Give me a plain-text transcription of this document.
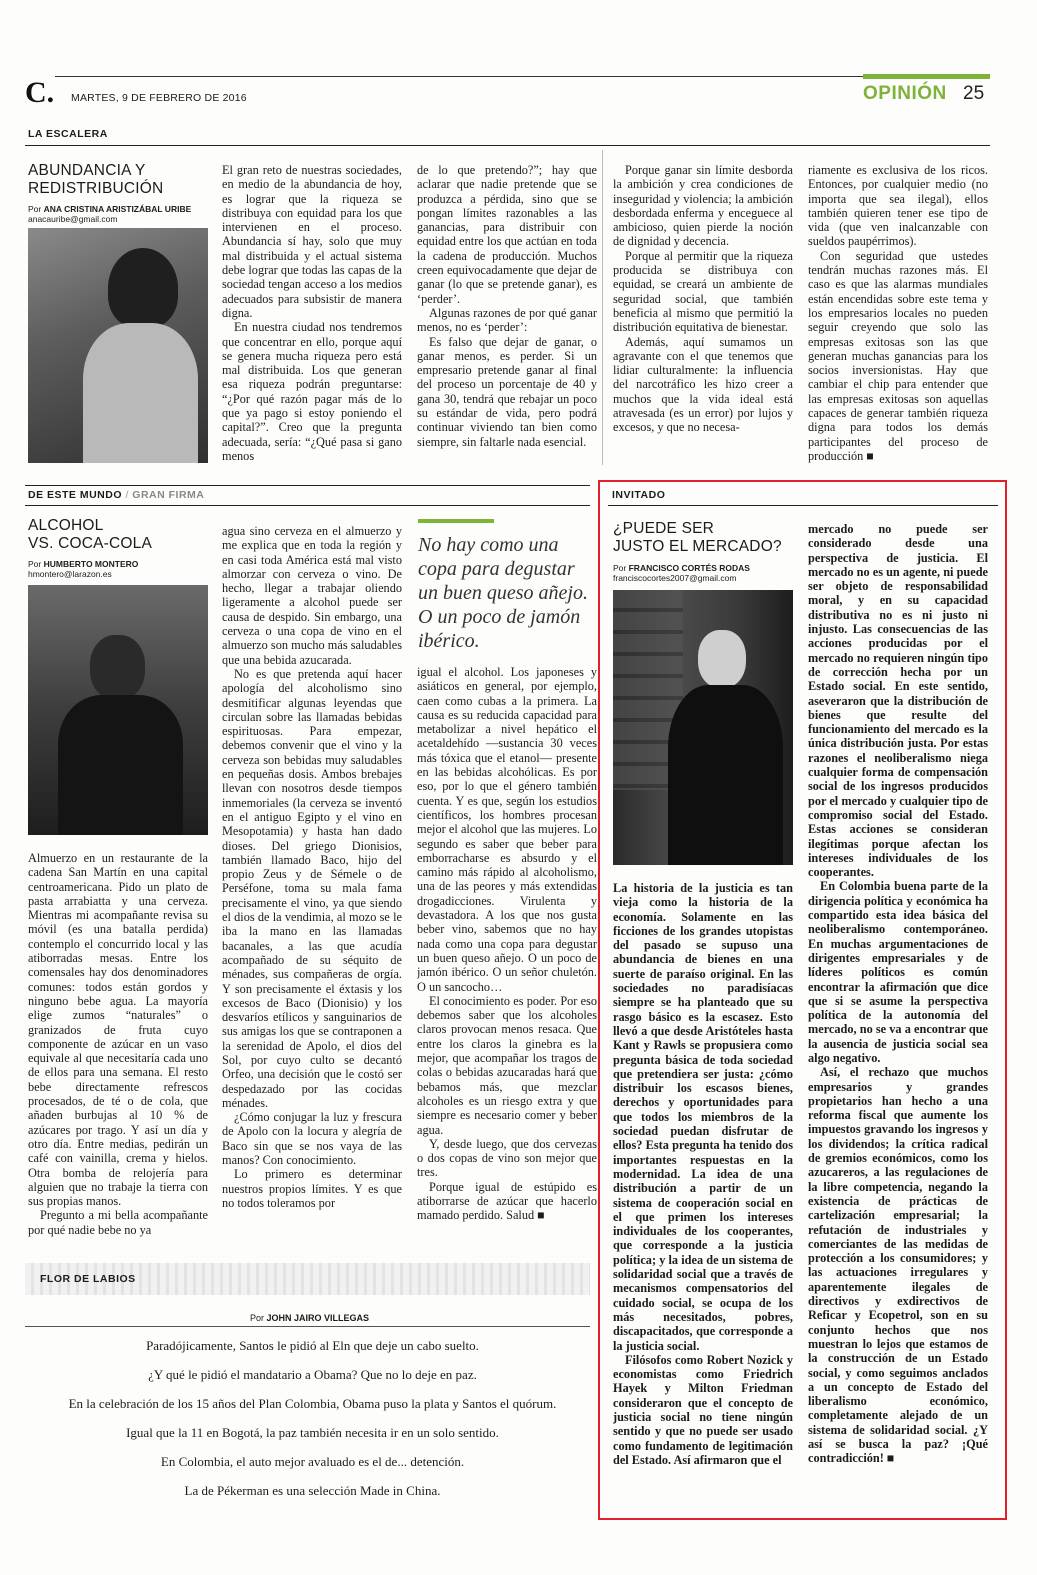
C. MARTES, 9 DE FEBRERO DE 2016	OPINIÓN 25
LA ESCALERA
ABUNDANCIA Y
REDISTRIBUCIÓN
Por ANA CRISTINA ARISTIZÁBAL URIBE
anacauribe@gmail.com

El gran reto de nuestras sociedades, en medio de la abundancia de hoy, es lograr que la riqueza se distribuya con equidad para los que intervienen en el proceso. Abundancia sí hay, solo que muy mal distribuida y el actual sistema debe lograr que todas las capas de la sociedad tengan acceso a los medios adecuados para subsistir de manera digna.

En nuestra ciudad nos tendremos que concentrar en ello, porque aquí se genera mucha riqueza pero está mal distribuida. Los que generan esa riqueza podrán preguntarse: “¿Por qué razón pagar más de lo que ya pago si estoy poniendo el capital?”. Creo que la pregunta adecuada, sería: “¿Qué pasa si gano menos

de lo que pretendo?”; hay que aclarar que nadie pretende que se produzca a pérdida, sino que se pongan límites razonables a las ganancias, para distribuir con equidad entre los que actúan en toda la cadena de producción. Muchos creen equivocadamente que dejar de ganar (lo que se pretende ganar), es ‘perder’.

Algunas razones de por qué ganar menos, no es ‘perder’:

Es falso que dejar de ganar, o ganar menos, es perder. Si un empresario pretende ganar al final del proceso un porcentaje de 40 y gana 30, tendrá que rebajar un poco su estándar de vida, pero podrá continuar viviendo tan bien como siempre, sin faltarle nada esencial.

Porque ganar sin límite desborda la ambición y crea condiciones de inseguridad y violencia; la ambición desbordada enferma y enceguece al ambicioso, quien pierde la noción de dignidad y decencia.

Porque al permitir que la riqueza producida se distribuya con equidad, se creará un ambiente de seguridad social, que también beneficia al mismo que permitió la distribución equitativa de bienestar.

Además, aquí sumamos un agravante con el que tenemos que lidiar culturalmente: la influencia del narcotráfico les hizo creer a muchos que la vida ideal está atravesada (es un error) por lujos y excesos, y que no necesa-

riamente es exclusiva de los ricos. Entonces, por cualquier medio (no importa que sea ilegal), ellos también quieren tener ese tipo de vida (que ven inalcanzable con sueldos paupérrimos).

Con seguridad que ustedes tendrán muchas razones más. El caso es que las alarmas mundiales están encendidas sobre este tema y los empresarios locales no pueden seguir creyendo que solo las empresas exitosas son las que generan muchas ganancias para los socios inversionistas. Hay que cambiar el chip para entender que las empresas exitosas son aquellas capaces de generar también riqueza digna para todos los demás participantes del proceso de producción ■

DE ESTE MUNDO / GRAN FIRMA
ALCOHOL
VS. COCA-COLA
Por HUMBERTO MONTERO
hmontero@larazon.es

Almuerzo en un restaurante de la cadena San Martín en una capital centroamericana. Pido un plato de pasta arrabiatta y una cerveza. Mientras mi acompañante revisa su móvil (es una batalla perdida) contemplo el concurrido local y las atiborradas mesas. Entre los comensales hay dos denominadores comunes: todos están gordos y ninguno bebe agua. La mayoría elige zumos “naturales” o granizados de fruta cuyo componente de azúcar en un vaso equivale al que necesitaría cada uno de ellos para una semana. El resto bebe directamente refrescos procesados, de té o de cola, que añaden burbujas al 10 % de azúcares por trago. Y así un día y otro día. Entre medias, pedirán un café con vainilla, crema y hielos. Otra bomba de relojería para alguien que no trabaje la tierra con sus propias manos.

Pregunto a mi bella acompañante por qué nadie bebe no ya

agua sino cerveza en el almuerzo y me explica que en toda la región y en casi toda América está mal visto almorzar con cerveza o vino. De hecho, llegar a trabajar oliendo ligeramente a alcohol puede ser causa de despido. Sin embargo, una cerveza o una copa de vino en el almuerzo son mucho más saludables que una bebida azucarada.

No es que pretenda aquí hacer apología del alcoholismo sino desmitificar algunas leyendas que circulan sobre las llamadas bebidas espirituosas. Para empezar, debemos convenir que el vino y la cerveza son bebidas muy saludables en pequeñas dosis. Ambos brebajes llevan con nosotros desde tiempos inmemoriales (la cerveza se inventó en el antiguo Egipto y el vino en Mesopotamia) y hasta han dado dioses. Del griego Dionisios, también llamado Baco, hijo del propio Zeus y de Sémele o de Perséfone, toma su mala fama precisamente el vino, ya que siendo el dios de la vendimia, al mozo se le iba la mano en las llamadas bacanales, a las que acudía acompañado de su séquito de ménades, sus compañeras de orgía. Y son precisamente el éxtasis y los excesos de Baco (Dionisio) y los desvaríos etílicos y sanguinarios de sus amigas los que se contraponen a la serenidad de Apolo, el dios del Sol, por cuyo culto se decantó Orfeo, una decisión que le costó ser despedazado por las cocidas ménades.

¿Cómo conjugar la luz y frescura de Apolo con la locura y alegría de Baco sin que se nos vaya de las manos? Con conocimiento.

Lo primero es determinar nuestros propios límites. Y es que no todos toleramos por

No hay como una copa para degustar un buen queso añejo. O un poco de jamón ibérico.

igual el alcohol. Los japoneses y asiáticos en general, por ejemplo, caen como cubas a la primera. La causa es su reducida capacidad para metabolizar a nivel hepático el acetaldehído —sustancia 30 veces más tóxica que el etanol— presente en las bebidas alcohólicas. Es por eso, por lo que el género también cuenta. Y es que, según los estudios científicos, los hombres procesan mejor el alcohol que las mujeres. Lo segundo es saber que beber para emborracharse es absurdo y el camino más rápido al alcoholismo, una de las peores y más extendidas drogadicciones. Virulenta y devastadora. A los que nos gusta beber vino, sabemos que no hay nada como una copa para degustar un buen queso añejo. O un poco de jamón ibérico. O un señor chuletón. O un sancocho…

El conocimiento es poder. Por eso debemos saber que los alcoholes claros provocan menos resaca. Que entre los claros la ginebra es la mejor, que acompañar los tragos de colas o bebidas azucaradas hará que bebamos más, que mezclar alcoholes es un riesgo extra y que siempre es necesario comer y beber agua.

Y, desde luego, que dos cervezas o dos copas de vino son mejor que tres.

Porque igual de estúpido es atiborrarse de azúcar que hacerlo mamado perdido. Salud ■

FLOR DE LABIOS
Por JOHN JAIRO VILLEGAS
Paradójicamente, Santos le pidió al Eln que deje un cabo suelto.
¿Y qué le pidió el mandatario a Obama? Que no lo deje en paz.
En la celebración de los 15 años del Plan Colombia, Obama puso la plata y Santos el quórum.
Igual que la 11 en Bogotá, la paz también necesita ir en un solo sentido.
En Colombia, el auto mejor avaluado es el de... detención.
La de Pékerman es una selección Made in China.
INVITADO
¿PUEDE SER
JUSTO EL MERCADO?
Por FRANCISCO CORTÉS RODAS
franciscocortes2007@gmail.com

La historia de la justicia es tan vieja como la historia de la economía. Solamente en las ficciones de los grandes utopistas del pasado se supuso una abundancia de bienes en una suerte de paraíso original. En las sociedades no paradisíacas siempre se ha planteado que su rasgo básico es la escasez. Esto llevó a que desde Aristóteles hasta Kant y Rawls se propusiera como pregunta básica de toda sociedad que pretendiera ser justa: ¿cómo distribuir los escasos bienes, derechos y oportunidades para que todos los miembros de la sociedad puedan disfrutar de ellos? Esta pregunta ha tenido dos importantes respuestas en la modernidad. La idea de una distribución a partir de un sistema de cooperación social en el que primen los intereses individuales de los cooperantes, que corresponde a la justicia política; y la idea de un sistema de solidaridad social que a través de mecanismos compensatorios del cuidado social, se ocupa de los más necesitados, pobres, discapacitados, que corresponde a la justicia social.

Filósofos como Robert Nozick y economistas como Friedrich Hayek y Milton Friedman consideraron que el concepto de justicia social no tiene ningún sentido y que no puede ser usado como fundamento de legitimación del Estado. Así afirmaron que el

mercado no puede ser considerado desde una perspectiva de justicia. El mercado no es un agente, ni puede ser objeto de responsabilidad moral, y en su capacidad distributiva no es ni justo ni injusto. Las consecuencias de las acciones producidas por el mercado no requieren ningún tipo de corrección hecha por un Estado social. En este sentido, aseveraron que la distribución de bienes que resulte del funcionamiento del mercado es la única distribución justa. Por estas razones el neoliberalismo niega cualquier forma de compensación social de los ingresos producidos por el mercado y cualquier tipo de compromiso social del Estado. Estas acciones se consideran ilegítimas porque afectan los intereses individuales de los cooperantes.

En Colombia buena parte de la dirigencia política y económica ha compartido esta idea básica del neoliberalismo contemporáneo. En muchas argumentaciones de dirigentes empresariales y de líderes políticos es común encontrar la afirmación que dice que si se asume la perspectiva política de la autonomía del mercado, no se va a encontrar que la ausencia de justicia social sea algo negativo.

Así, el rechazo que muchos empresarios y grandes propietarios han hecho a una reforma fiscal que aumente los impuestos gravando los ingresos y los dividendos; la crítica radical de gremios económicos, como los azucareros, a las regulaciones de la libre competencia, negando la existencia de prácticas de cartelización empresarial; la refutación de industriales y comerciantes de las medidas de protección a los consumidores; y las actuaciones irregulares y aparentemente ilegales de directivos y exdirectivos de Reficar y Ecopetrol, son en su conjunto hechos que nos muestran lo lejos que estamos de la construcción de un Estado social, y como seguimos anclados a un concepto de Estado del liberalismo económico, completamente alejado de un sistema de solidaridad social. ¿Y así se busca la paz? ¡Qué contradicción! ■
